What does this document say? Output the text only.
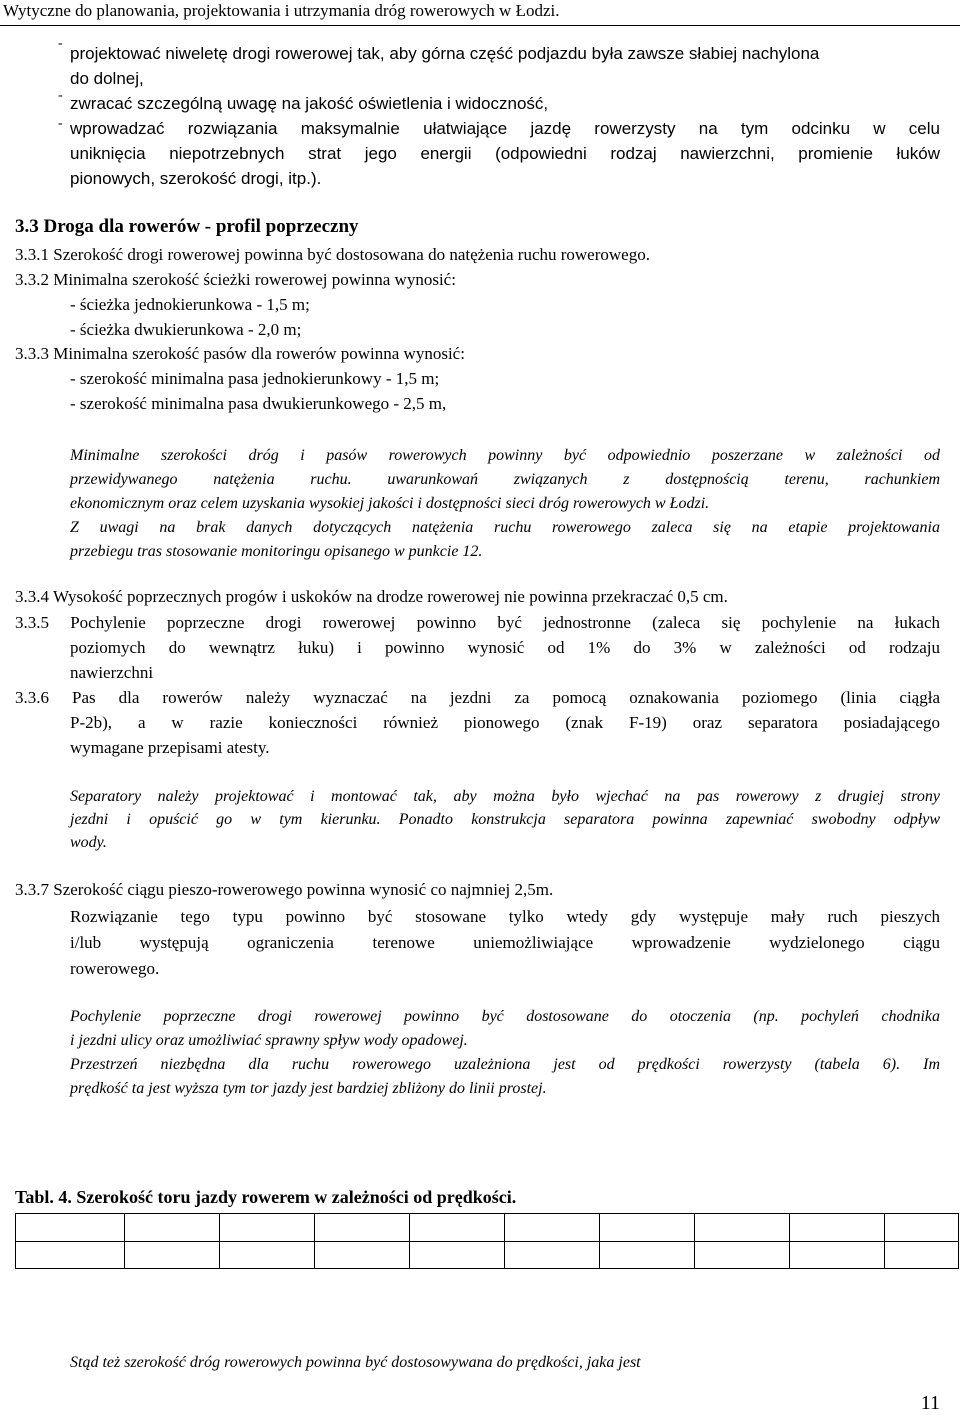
Wytyczne do planowania, projektowania i utrzymania dróg rowerowych w Łodzi.
-
projektować niweletę drogi rowerowej tak, aby górna część podjazdu była zawsze słabiej nachylona
do dolnej,
- zwracać szczególną uwagę na jakość oświetlenia i widoczność,
- wprowadzać rozwiązania maksymalnie ułatwiające jazdę rowerzysty na tym odcinku w celu
uniknięcia niepotrzebnych strat jego energii (odpowiedni rodzaj nawierzchni, promienie łuków
pionowych, szerokość drogi, itp.).
3.3 Droga dla rowerów - profil poprzeczny
3.3.1 Szerokość drogi rowerowej powinna być dostosowana do natężenia ruchu rowerowego.
3.3.2 Minimalna szerokość ścieżki rowerowej powinna wynosić:
- ścieżka jednokierunkowa - 1,5 m;
- ścieżka dwukierunkowa - 2,0 m;
3.3.3 Minimalna szerokość pasów dla rowerów powinna wynosić:
- szerokość minimalna pasa jednokierunkowy - 1,5 m;
- szerokość minimalna pasa dwukierunkowego - 2,5 m,
Minimalne szerokości dróg i pasów rowerowych powinny być odpowiednio poszerzane w zależności od
przewidywanego natężenia ruchu. uwarunkowań związanych z dostępnością terenu, rachunkiem
ekonomicznym oraz celem uzyskania wysokiej jakości i dostępności sieci dróg rowerowych w Łodzi.
Z uwagi na brak danych dotyczących natężenia ruchu rowerowego zaleca się na etapie projektowania
przebiegu tras stosowanie monitoringu opisanego w punkcie 12.
3.3.4 Wysokość poprzecznych progów i uskoków na drodze rowerowej nie powinna przekraczać 0,5 cm.
3.3.5 Pochylenie poprzeczne drogi rowerowej powinno być jednostronne (zaleca się pochylenie na łukach
poziomych do wewnątrz łuku) i powinno wynosić od 1% do 3% w zależności od rodzaju
nawierzchni
3.3.6 Pas dla rowerów należy wyznaczać na jezdni za pomocą oznakowania poziomego (linia ciągła
P-2b), a w razie konieczności również pionowego (znak F-19) oraz separatora posiadającego
wymagane przepisami atesty.
Separatory należy projektować i montować tak, aby można było wjechać na pas rowerowy z drugiej strony
jezdni i opuścić go w tym kierunku. Ponadto konstrukcja separatora powinna zapewniać swobodny odpływ
wody.
3.3.7 Szerokość ciągu pieszo-rowerowego powinna wynosić co najmniej 2,5m.
Rozwiązanie tego typu powinno być stosowane tylko wtedy gdy występuje mały ruch pieszych
i/lub występują ograniczenia terenowe uniemożliwiające wprowadzenie wydzielonego ciągu
rowerowego.
Pochylenie poprzeczne drogi rowerowej powinno być dostosowane do otoczenia (np. pochyleń chodnika
i jezdni ulicy oraz umożliwiać sprawny spływ wody opadowej.
Przestrzeń niezbędna dla ruchu rowerowego uzależniona jest od prędkości rowerzysty (tabela 6). Im
prędkość ta jest wyższa tym tor jazdy jest bardziej zbliżony do linii prostej.
Tabl. 4. Szerokość toru jazdy rowerem w zależności od prędkości.

Stąd też szerokość dróg rowerowych powinna być dostosowywana do prędkości, jaka jest
11
